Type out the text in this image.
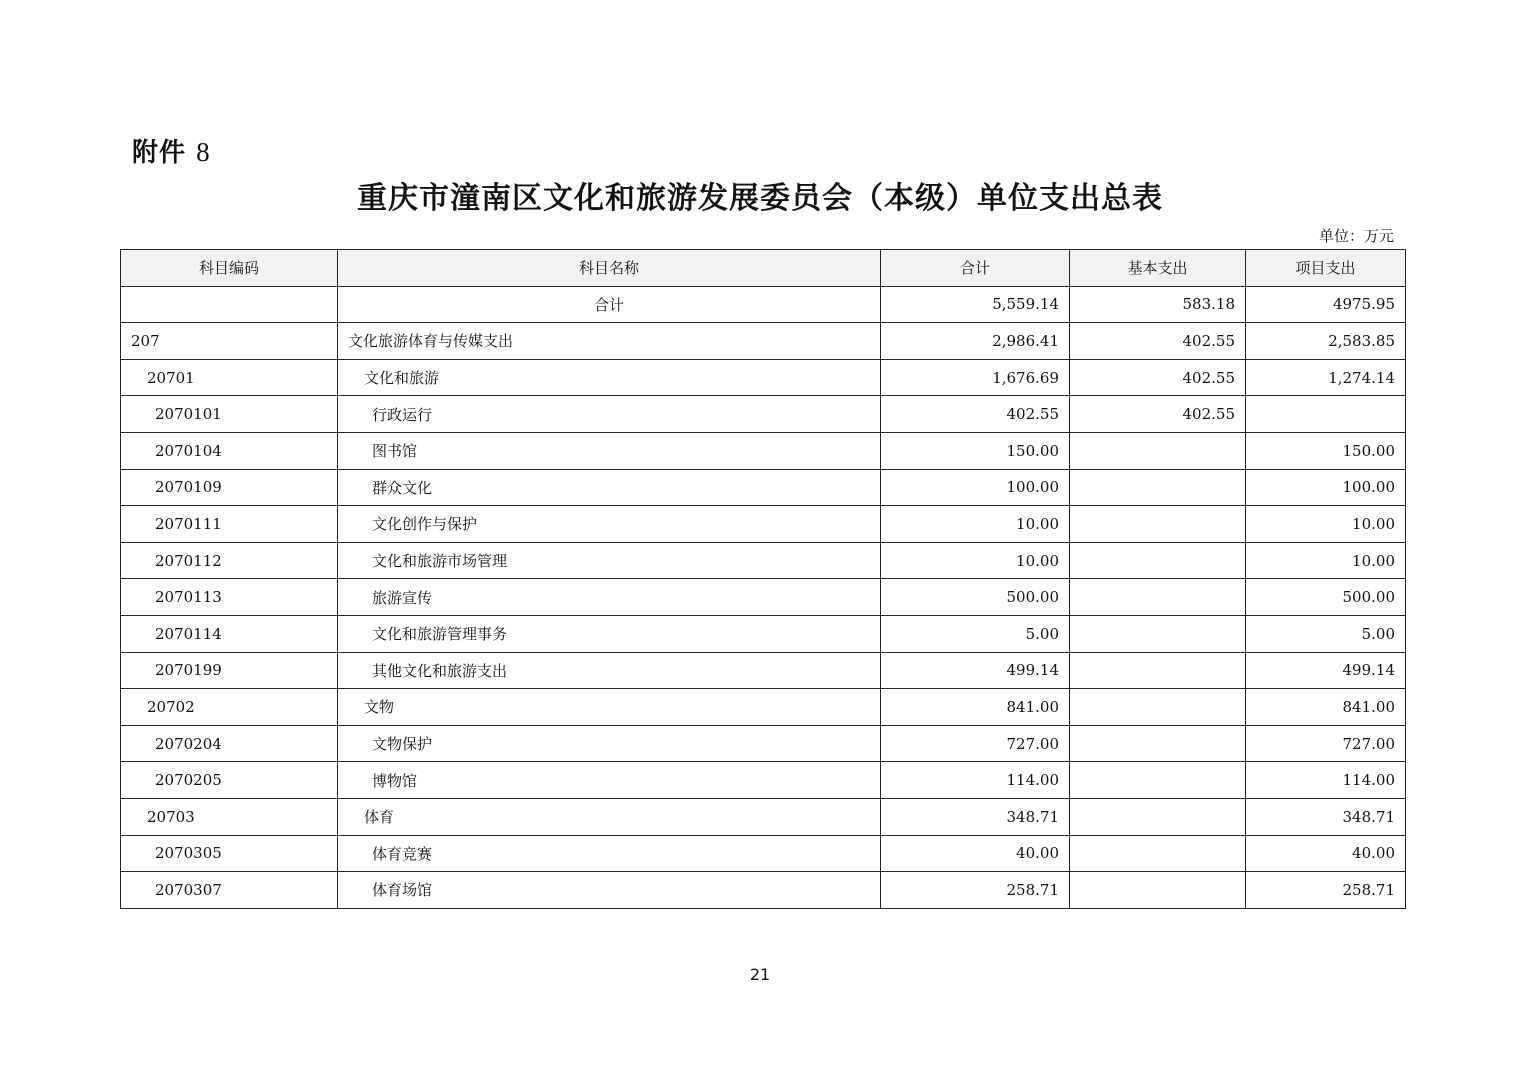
附件 8
重庆市潼南区文化和旅游发展委员会（本级）单位支出总表
单位：万元
科目编码	科目名称	合计	基本支出	项目支出
	合计	5,559.14	583.18	4975.95
207	文化旅游体育与传媒支出	2,986.41	402.55	2,583.85
20701	文化和旅游	1,676.69	402.55	1,274.14
2070101	行政运行	402.55	402.55	
2070104	图书馆	150.00		150.00
2070109	群众文化	100.00		100.00
2070111	文化创作与保护	10.00		10.00
2070112	文化和旅游市场管理	10.00		10.00
2070113	旅游宣传	500.00		500.00
2070114	文化和旅游管理事务	5.00		5.00
2070199	其他文化和旅游支出	499.14		499.14
20702	文物	841.00		841.00
2070204	文物保护	727.00		727.00
2070205	博物馆	114.00		114.00
20703	体育	348.71		348.71
2070305	体育竞赛	40.00		40.00
2070307	体育场馆	258.71		258.71
21
